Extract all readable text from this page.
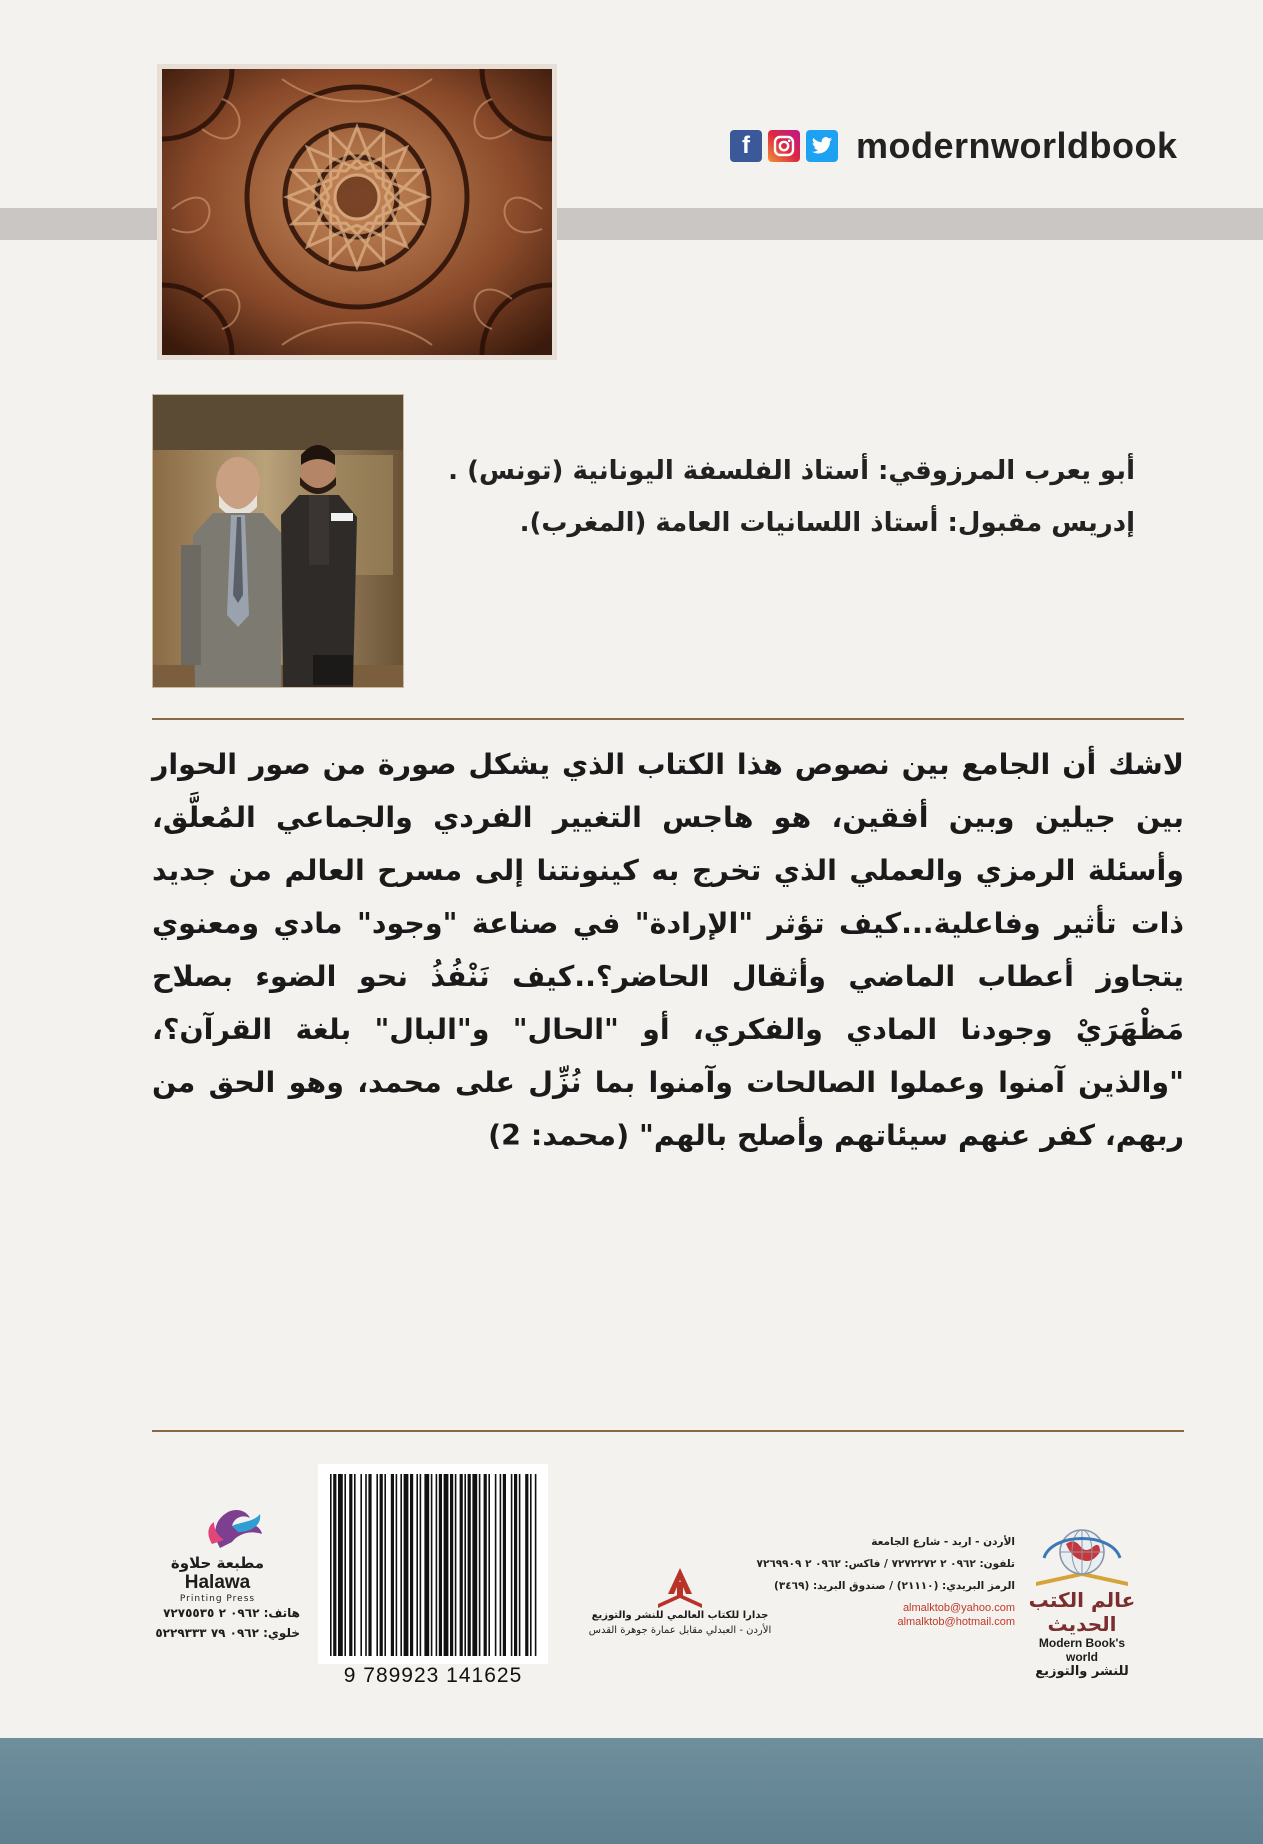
f	modernworldbook
أبو يعرب المرزوقي: أستاذ الفلسفة اليونانية (تونس) .
إدريس مقبول: أستاذ اللسانيات العامة (المغرب).
لاشك أن الجامع بين نصوص هذا الكتاب الذي يشكل صورة من صور الحوار بين جيلين وبين أفقين، هو هاجس التغيير الفردي والجماعي المُعلَّق، وأسئلة الرمزي والعملي الذي تخرج به كينونتنا إلى مسرح العالم من جديد ذات تأثير وفاعلية...كيف تؤثر "الإرادة" في صناعة "وجود" مادي ومعنوي يتجاوز أعطاب الماضي وأثقال الحاضر؟..كيف نَنْفُذُ نحو الضوء بصلاح مَظْهَرَيْ وجودنا المادي والفكري، أو "الحال" و"البال" بلغة القرآن؟، "والذين آمنوا وعملوا الصالحات وآمنوا بما نُزِّل على محمد، وهو الحق من ربهم، كفر عنهم سيئاتهم وأصلح بالهم" (محمد: 2)
مطبعة حلاوة
Halawa
Printing Press
هاتف: ٠٩٦٢ ٢ ٧٢٧٥٥٣٥
خلوي: ٠٩٦٢ ٧٩ ٥٢٢٩٣٣٣
9 789923 141625
جدارا للكتاب العالمي للنشر والتوزيع
الأردن - العبدلي مقابل عمارة جوهرة القدس
الأردن - اربد - شارع الجامعة
تلفون: ٠٩٦٢ ٢ ٧٢٧٢٢٧٢ / فاكس: ٠٩٦٢ ٢ ٧٢٦٩٩٠٩
الرمز البريدي: (٢١١١٠) / صندوق البريد: (٣٤٦٩)
almalktob@yahoo.com
almalktob@hotmail.com
عالم الكتب الحديث
Modern Book's world
للنشر والتوزيع
